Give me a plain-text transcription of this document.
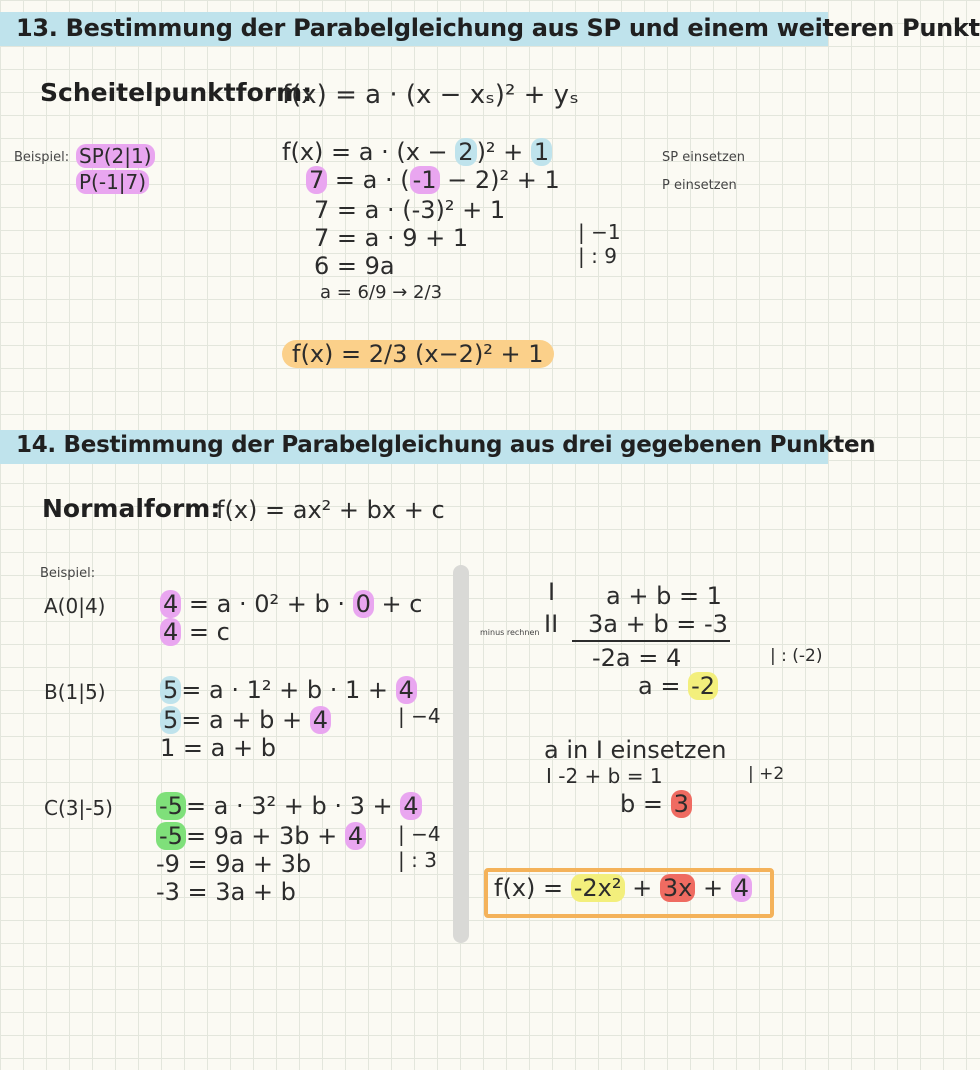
13. Bestimmung der Parabelgleichung aus SP und einem weiteren Punkt
Scheitelpunktform:
f(x) = a · (x − xₛ)² + yₛ
Beispiel: SP(2|1)
P(-1|7)
f(x) = a · (x − 2 )² + 1
7 = a · ( -1 − 2)² + 1
7 = a · (-3)² + 1
7 = a · 9 + 1
6 = 9a
a = 6/9 → 2/3
| −1
| : 9
SP einsetzen
P einsetzen
f(x) = 2/3 (x−2)² + 1
14. Bestimmung der Parabelgleichung aus drei gegebenen Punkten
Normalform:
f(x) = ax² + bx + c
Beispiel:
A(0|4) 4 = a · 0² + b · 0 + c
4 = c
B(1|5) 5 = a · 1² + b · 1 + 4
5 = a + b + 4
1 = a + b
| −4
C(3|-5) -5 = a · 3² + b · 3 + 4
-5 = 9a + 3b + 4
-9 = 9a + 3b
-3 = 3a + b
| −4
| : 3
minus rechnen
I
II
a + b = 1
3a + b = -3
-2a = 4	| : (-2)
a = -2
a in I einsetzen
I -2 + b = 1	| +2
b = 3
f(x) = -2x² + 3x + 4
